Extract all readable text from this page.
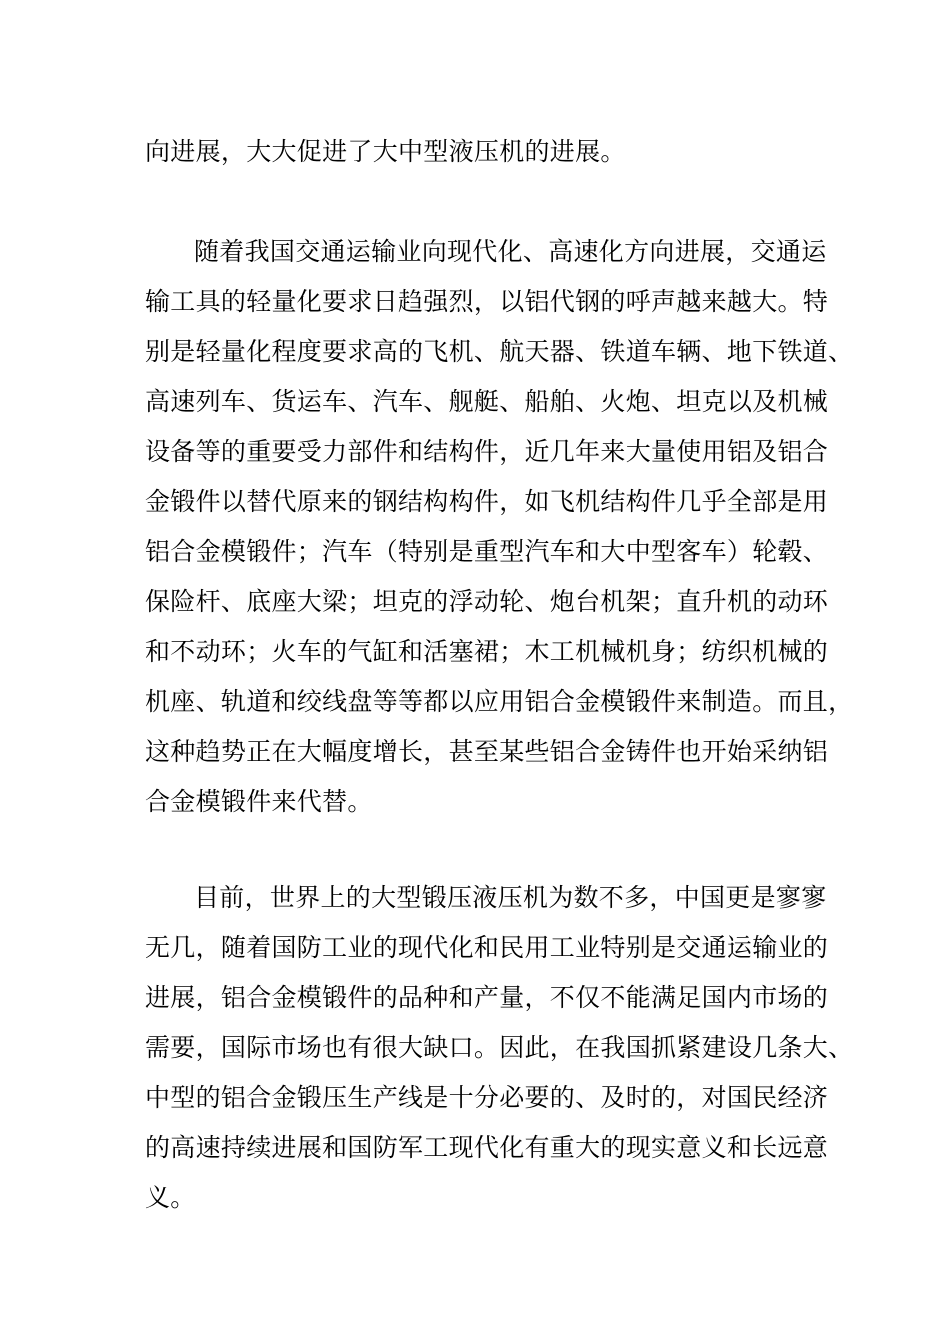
向进展，大大促进了大中型液压机的进展。
随着我国交通运输业向现代化、高速化方向进展，交通运
输工具的轻量化要求日趋强烈，以铝代钢的呼声越来越大。特
别是轻量化程度要求高的飞机、航天器、铁道车辆、地下铁道、
高速列车、货运车、汽车、舰艇、船舶、火炮、坦克以及机械
设备等的重要受力部件和结构件，近几年来大量使用铝及铝合
金锻件以替代原来的钢结构构件，如飞机结构件几乎全部是用
铝合金模锻件；汽车（特别是重型汽车和大中型客车）轮毂、
保险杆、底座大梁；坦克的浮动轮、炮台机架；直升机的动环
和不动环；火车的气缸和活塞裙；木工机械机身；纺织机械的
机座、轨道和绞线盘等等都以应用铝合金模锻件来制造。而且，
这种趋势正在大幅度增长，甚至某些铝合金铸件也开始采纳铝
合金模锻件来代替。
目前，世界上的大型锻压液压机为数不多，中国更是寥寥
无几，随着国防工业的现代化和民用工业特别是交通运输业的
进展，铝合金模锻件的品种和产量，不仅不能满足国内市场的
需要，国际市场也有很大缺口。因此，在我国抓紧建设几条大、
中型的铝合金锻压生产线是十分必要的、及时的，对国民经济
的高速持续进展和国防军工现代化有重大的现实意义和长远意
义。
